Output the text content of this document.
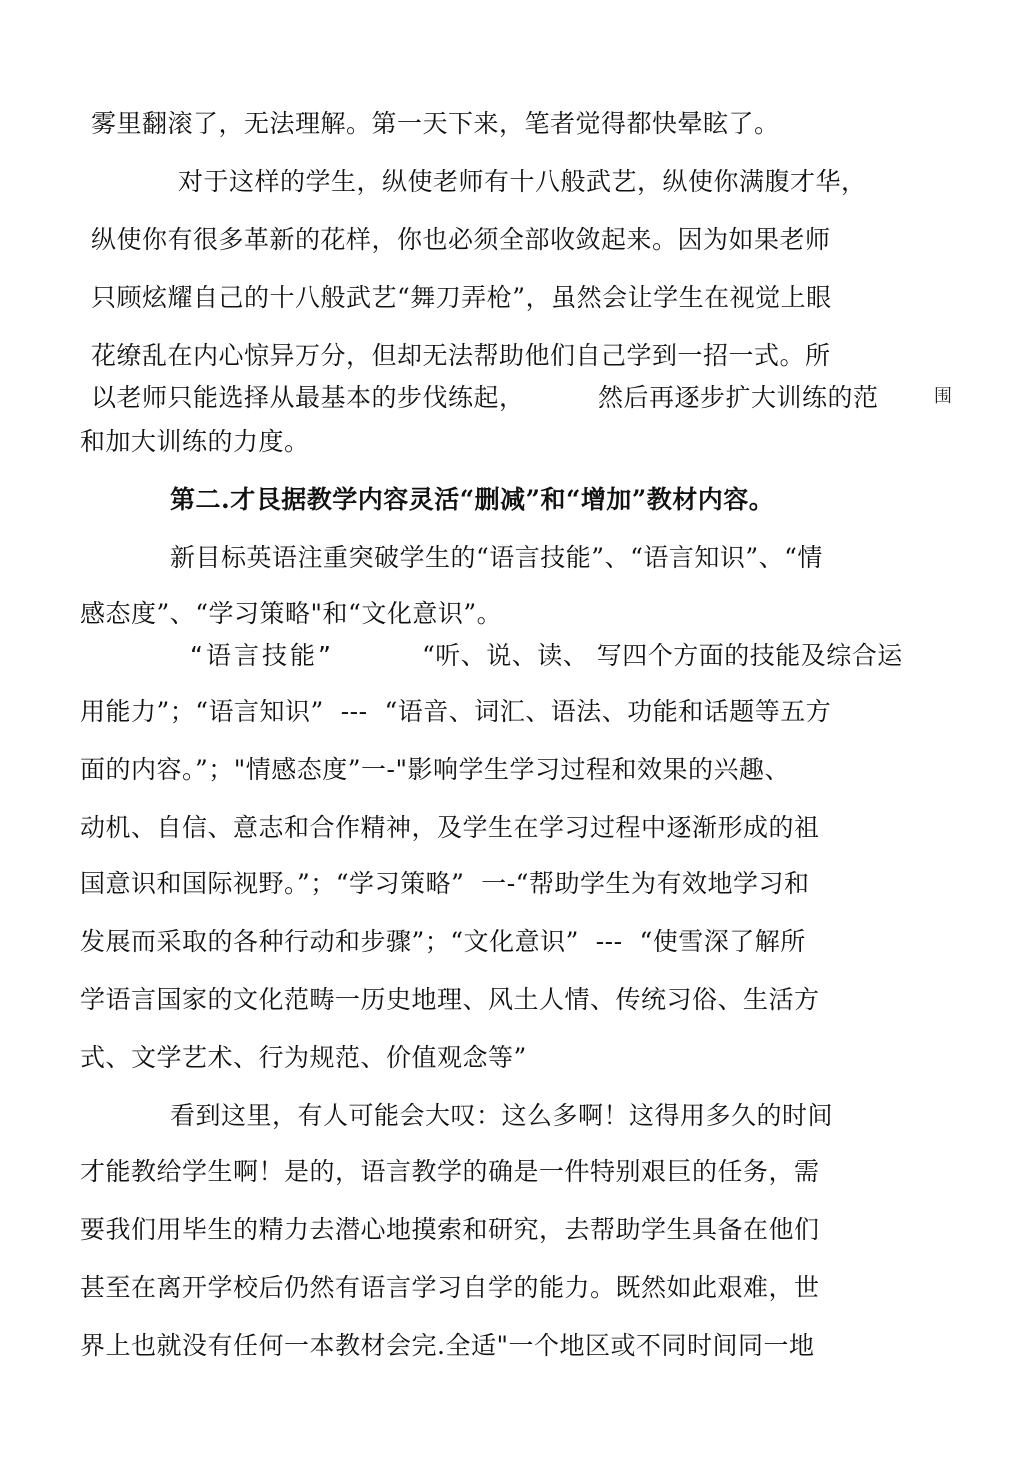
雾里翻滚了，无法理解。第一天下来，笔者觉得都快晕眩了。
对于这样的学生，纵使老师有十八般武艺，纵使你满腹才华，
纵使你有很多革新的花样，你也必须全部收敛起来。因为如果老师
只顾炫耀自己的十八般武艺“舞刀弄枪”，虽然会让学生在视觉上眼
花缭乱在内心惊异万分，但却无法帮助他们自己学到一招一式。所
以老师只能选择从最基本的步伐练起，	然后再逐步扩大训练的范	围
和加大训练的力度。
第二.才艮据教学内容灵活“删减”和“增加”教材内容。
新目标英语注重突破学生的“语言技能”、“语言知识”、“情
感态度”、“学习策略"和“文化意识”。
“语言技能”	“听、说、读、 写四个方面的技能及综合运
用能力”；“语言知识”  ---  “语音、词汇、语法、功能和话题等五方
面的内容。”；"情感态度”一-"影响学生学习过程和效果的兴趣、
动机、自信、意志和合作精神，及学生在学习过程中逐渐形成的祖
国意识和国际视野。”；“学习策略”  一-“帮助学生为有效地学习和
发展而采取的各种行动和步骤”；“文化意识”  ---  “使雪深了解所
学语言国家的文化范畴一历史地理、风土人情、传统习俗、生活方
式、文学艺术、行为规范、价值观念等”
看到这里，有人可能会大叹：这么多啊！这得用多久的时间
才能教给学生啊！是的，语言教学的确是一件特别艰巨的任务，需
要我们用毕生的精力去潜心地摸索和研究，去帮助学生具备在他们
甚至在离开学校后仍然有语言学习自学的能力。既然如此艰难，世
界上也就没有任何一本教材会完.全适"一个地区或不同时间同一地
